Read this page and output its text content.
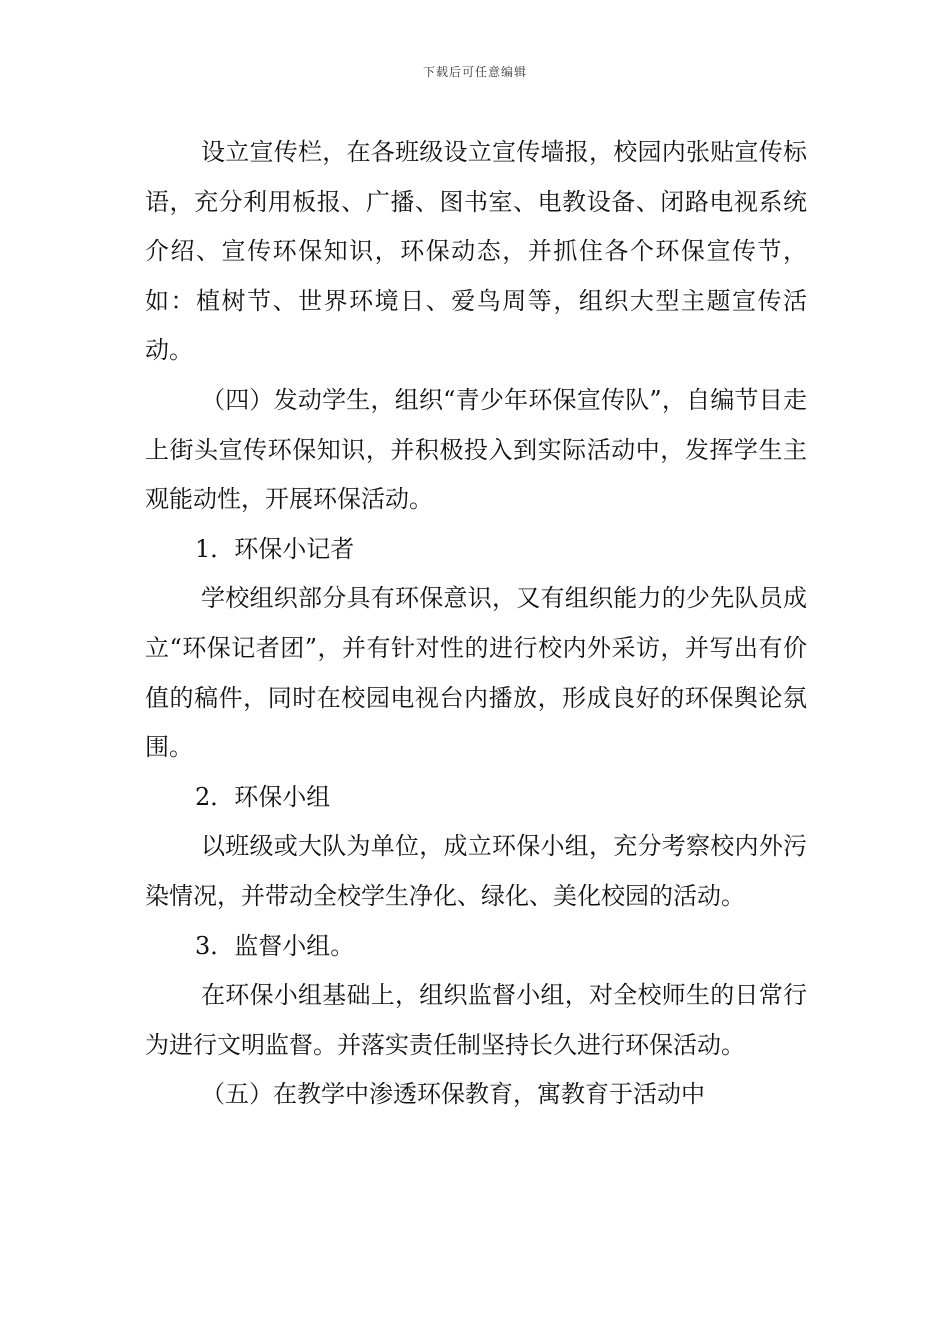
下载后可任意编辑

设立宣传栏，在各班级设立宣传墙报，校园内张贴宣传标语，充分利用板报、广播、图书室、电教设备、闭路电视系统介绍、宣传环保知识，环保动态，并抓住各个环保宣传节，如：植树节、世界环境日、爱鸟周等，组织大型主题宣传活动。

（四）发动学生，组织“青少年环保宣传队”，自编节目走上街头宣传环保知识，并积极投入到实际活动中，发挥学生主观能动性，开展环保活动。

1．环保小记者

学校组织部分具有环保意识，又有组织能力的少先队员成立“环保记者团”，并有针对性的进行校内外采访，并写出有价值的稿件，同时在校园电视台内播放，形成良好的环保舆论氛围。

2．环保小组

以班级或大队为单位，成立环保小组，充分考察校内外污染情况，并带动全校学生净化、绿化、美化校园的活动。

3．监督小组。

在环保小组基础上，组织监督小组，对全校师生的日常行为进行文明监督。并落实责任制坚持长久进行环保活动。

（五）在教学中渗透环保教育，寓教育于活动中
